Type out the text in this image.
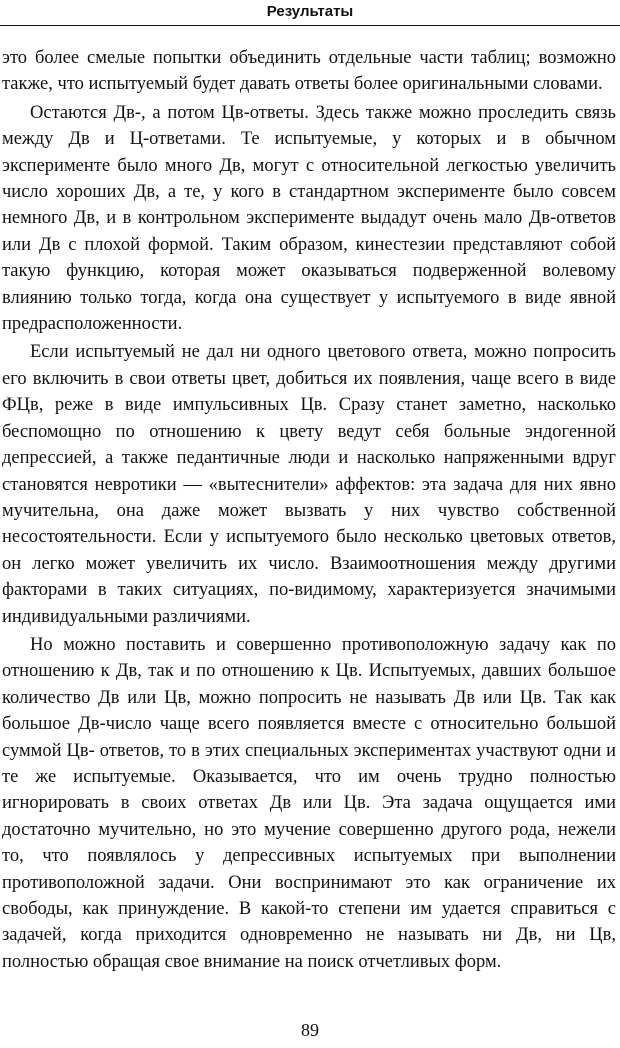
Результаты

это более смелые попытки объединить отдельные части таблиц; возможно также, что испытуемый будет давать ответы более оригинальными словами.

Остаются Дв-, а потом Цв-ответы. Здесь также можно проследить связь между Дв и Ц-ответами. Те испытуемые, у которых и в обычном эксперименте было много Дв, могут с относительной легкостью увеличить число хороших Дв, а те, у кого в стандартном эксперименте было совсем немного Дв, и в контрольном эксперименте выдадут очень мало Дв-ответов или Дв с плохой формой. Таким образом, кинестезии представляют собой такую функцию, которая может оказываться подверженной волевому влиянию только тогда, когда она существует у испытуемого в виде явной предрасположенности.

Если испытуемый не дал ни одного цветового ответа, можно попросить его включить в свои ответы цвет, добиться их появления, чаще всего в виде ФЦв, реже в виде импульсивных Цв. Сразу станет заметно, насколько беспомощно по отношению к цвету ведут себя больные эндогенной депрессией, а также педантичные люди и насколько напряженными вдруг становятся невротики — «вытеснители» аффектов: эта задача для них явно мучительна, она даже может вызвать у них чувство собственной несостоятельности. Если у испытуемого было несколько цветовых ответов, он легко может увеличить их число. Взаимоотношения между другими факторами в таких ситуациях, по-видимому, характеризуется значимыми индивидуальными различиями.

Но можно поставить и совершенно противоположную задачу как по отношению к Дв, так и по отношению к Цв. Испытуемых, давших большое количество Дв или Цв, можно попросить не называть Дв или Цв. Так как большое Дв-число чаще всего появляется вместе с относительно большой суммой Цв- ответов, то в этих специальных экспериментах участвуют одни и те же испытуемые. Оказывается, что им очень трудно полностью игнорировать в своих ответах Дв или Цв. Эта задача ощущается ими достаточно мучительно, но это мучение совершенно другого рода, нежели то, что появлялось у депрессивных испытуемых при выполнении противоположной задачи. Они воспринимают это как ограничение их свободы, как принуждение. В какой-то степени им удается справиться с задачей, когда приходится одновременно не называть ни Дв, ни Цв, полностью обращая свое внимание на поиск отчетливых форм.

89
